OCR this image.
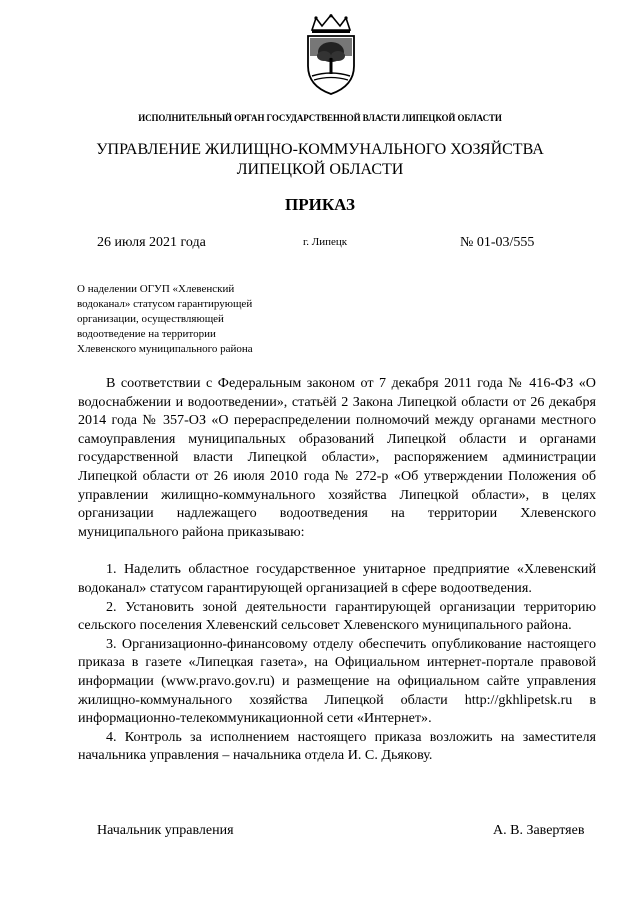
ИСПОЛНИТЕЛЬНЫЙ ОРГАН ГОСУДАРСТВЕННОЙ ВЛАСТИ ЛИПЕЦКОЙ ОБЛАСТИ
УПРАВЛЕНИЕ ЖИЛИЩНО-КОММУНАЛЬНОГО ХОЗЯЙСТВА
ЛИПЕЦКОЙ ОБЛАСТИ
ПРИКАЗ
26 июля 2021 года	г. Липецк	№ 01-03/555
О наделении ОГУП «Хлевенский
водоканал» статусом гарантирующей
организации, осуществляющей
водоотведение на территории
Хлевенского муниципального района

В соответствии с Федеральным законом от 7 декабря 2011 года № 416-ФЗ «О водоснабжении и водоотведении», статьёй 2 Закона Липецкой области от 26 декабря 2014 года № 357-ОЗ «О перераспределении полномочий между органами местного самоуправления муниципальных образований Липецкой области и органами государственной власти Липецкой области», распоряжением администрации Липецкой области от 26 июля 2010 года № 272-р «Об утверждении Положения об управлении жилищно-коммунального хозяйства Липецкой области», в целях организации надлежащего водоотведения на территории Хлевенского муниципального района приказываю:

1. Наделить областное государственное унитарное предприятие «Хлевенский водоканал» статусом гарантирующей организацией в сфере водоотведения.

2. Установить зоной деятельности гарантирующей организации территорию сельского поселения Хлевенский сельсовет Хлевенского муниципального района.

3. Организационно-финансовому отделу обеспечить опубликование настоящего приказа в газете «Липецкая газета», на Официальном интернет-портале правовой информации (www.pravo.gov.ru) и размещение на официальном сайте управления жилищно-коммунального хозяйства Липецкой области http://gkhlipetsk.ru в информационно-телекоммуникационной сети «Интернет».

4. Контроль за исполнением настоящего приказа возложить на заместителя начальника управления – начальника отдела И. С. Дьякову.

Начальник управления	А. В. Завертяев
